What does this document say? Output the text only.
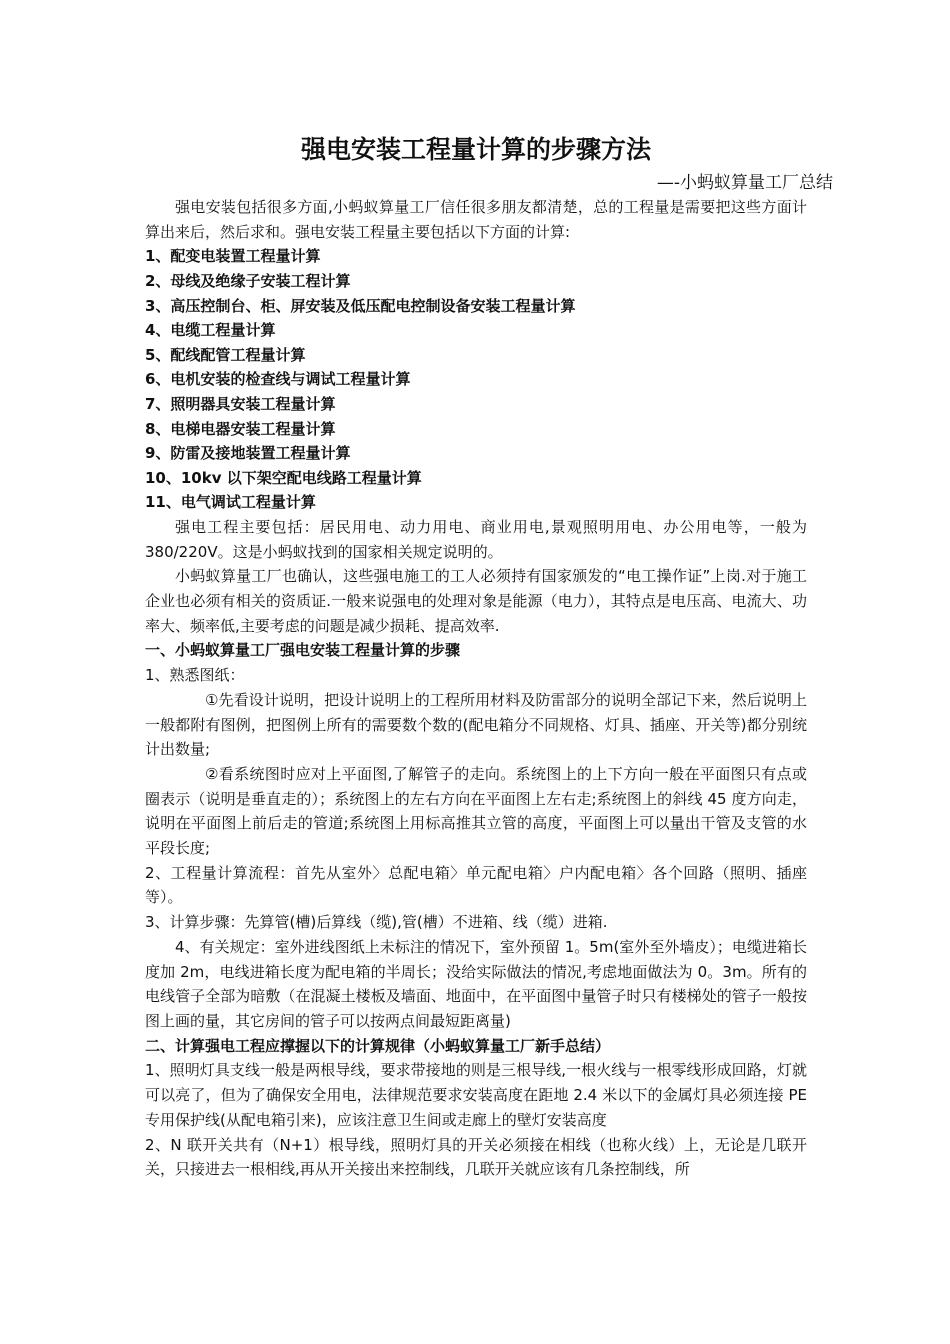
强电安装工程量计算的步骤方法
—-小蚂蚁算量工厂总结

强电安装包括很多方面,小蚂蚁算量工厂信任很多朋友都清楚，总的工程量是需要把这些方面计算出来后，然后求和。强电安装工程量主要包括以下方面的计算:

1、配变电装置工程量计算

2、母线及绝缘子安装工程计算

3、高压控制台、柜、屏安装及低压配电控制设备安装工程量计算

4、电缆工程量计算

5、配线配管工程量计算

6、电机安装的检查线与调试工程量计算

7、照明器具安装工程量计算

8、电梯电器安装工程量计算

9、防雷及接地装置工程量计算

10、10kv 以下架空配电线路工程量计算

11、电气调试工程量计算

强电工程主要包括：居民用电、动力用电、商业用电,景观照明用电、办公用电等，一般为 380/220V。这是小蚂蚁找到的国家相关规定说明的。

小蚂蚁算量工厂也确认，这些强电施工的工人必须持有国家颁发的“电工操作证”上岗.对于施工企业也必须有相关的资质证.一般来说强电的处理对象是能源（电力），其特点是电压高、电流大、功率大、频率低,主要考虑的问题是减少损耗、提高效率.

一、小蚂蚁算量工厂强电安装工程量计算的步骤

1、熟悉图纸：

①先看设计说明，把设计说明上的工程所用材料及防雷部分的说明全部记下来，然后说明上一般都附有图例，把图例上所有的需要数个数的(配电箱分不同规格、灯具、插座、开关等)都分别统计出数量;

②看系统图时应对上平面图,了解管子的走向。系统图上的上下方向一般在平面图只有点或圈表示（说明是垂直走的）；系统图上的左右方向在平面图上左右走;系统图上的斜线 45 度方向走，说明在平面图上前后走的管道;系统图上用标高推其立管的高度，平面图上可以量出干管及支管的水平段长度;

2、工程量计算流程：首先从室外〉总配电箱〉单元配电箱〉户内配电箱〉各个回路（照明、插座等）。

3、计算步骤：先算管(槽)后算线（缆),管(槽）不进箱、线（缆）进箱.

4、有关规定：室外进线图纸上未标注的情况下，室外预留 1。5m(室外至外墙皮）；电缆进箱长度加 2m，电线进箱长度为配电箱的半周长；没给实际做法的情况,考虑地面做法为 0。3m。所有的电线管子全部为暗敷（在混凝土楼板及墙面、地面中，在平面图中量管子时只有楼梯处的管子一般按图上画的量，其它房间的管子可以按两点间最短距离量)

二、计算强电工程应撑握以下的计算规律（小蚂蚁算量工厂新手总结）

1、照明灯具支线一般是两根导线，要求带接地的则是三根导线,一根火线与一根零线形成回路，灯就可以亮了，但为了确保安全用电，法律规范要求安装高度在距地 2.4 米以下的金属灯具必须连接 PE 专用保护线(从配电箱引来)，应该注意卫生间或走廊上的壁灯安装高度

2、N 联开关共有（N+1）根导线，照明灯具的开关必须接在相线（也称火线）上，无论是几联开关，只接进去一根相线,再从开关接出来控制线，几联开关就应该有几条控制线，所
